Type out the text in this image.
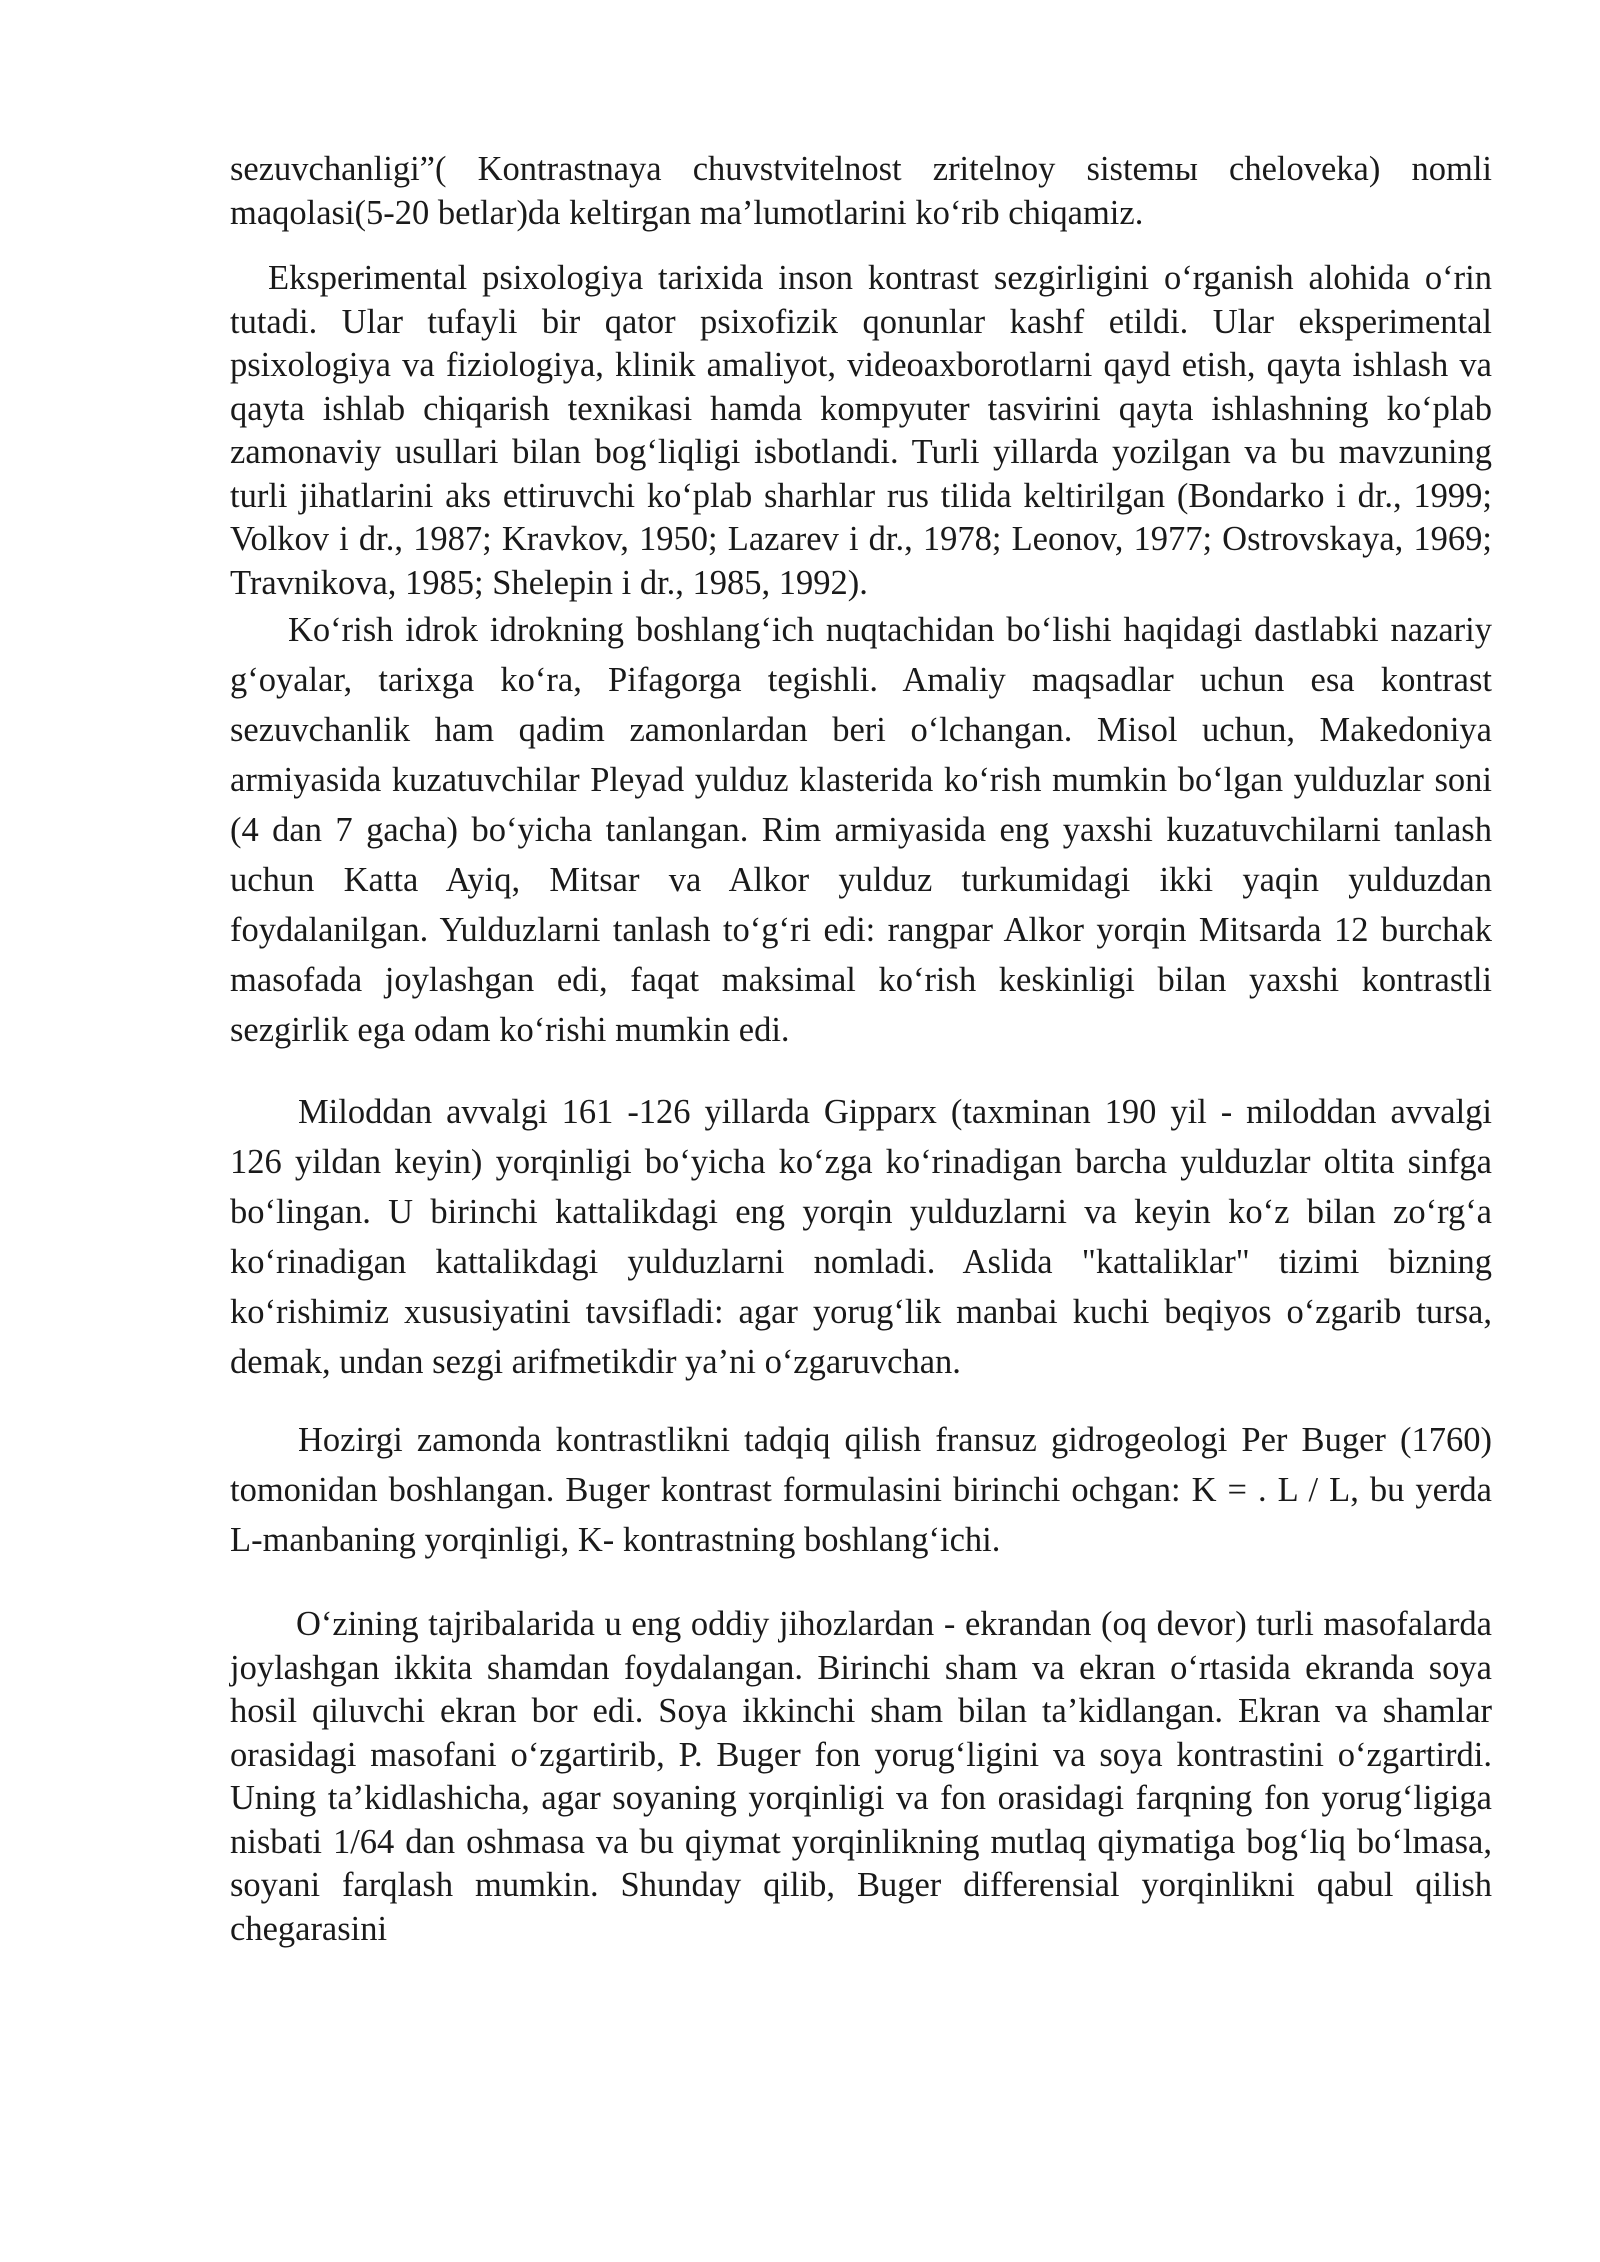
sezuvchanligi”( Kontrastnaya chuvstvitelnost zritelnoy sistemы cheloveka) nomli maqolasi(5-20 betlar)da keltirgan ma’lumotlarini ko‘rib chiqamiz.

Eksperimental psixologiya tarixida inson kontrast sezgirligini o‘rganish alohida o‘rin tutadi. Ular tufayli bir qator psixofizik qonunlar kashf etildi. Ular eksperimental psixologiya va fiziologiya, klinik amaliyot, videoaxborotlarni qayd etish, qayta ishlash va qayta ishlab chiqarish texnikasi hamda kompyuter tasvirini qayta ishlashning ko‘plab zamonaviy usullari bilan bog‘liqligi isbotlandi. Turli yillarda yozilgan va bu mavzuning turli jihatlarini aks ettiruvchi ko‘plab sharhlar rus tilida keltirilgan (Bondarko i dr., 1999; Volkov i dr., 1987; Kravkov, 1950; Lazarev i dr., 1978; Leonov, 1977; Ostrovskaya, 1969; Travnikova, 1985; Shelepin i dr., 1985, 1992).

Ko‘rish idrok idrokning boshlang‘ich nuqtachidan bo‘lishi haqidagi dastlabki nazariy g‘oyalar, tarixga ko‘ra, Pifagorga tegishli. Amaliy maqsadlar uchun esa kontrast sezuvchanlik ham qadim zamonlardan beri o‘lchangan. Misol uchun, Makedoniya armiyasida kuzatuvchilar Pleyad yulduz klasterida ko‘rish mumkin bo‘lgan yulduzlar soni (4 dan 7 gacha) bo‘yicha tanlangan. Rim armiyasida eng yaxshi kuzatuvchilarni tanlash uchun Katta Ayiq, Mitsar va Alkor yulduz turkumidagi ikki yaqin yulduzdan foydalanilgan. Yulduzlarni tanlash to‘g‘ri edi: rangpar Alkor yorqin Mitsarda 12 burchak masofada joylashgan edi, faqat maksimal ko‘rish keskinligi bilan yaxshi kontrastli sezgirlik ega odam ko‘rishi mumkin edi.

Miloddan avvalgi 161 -126 yillarda Gipparx (taxminan 190 yil - miloddan avvalgi 126 yildan keyin) yorqinligi bo‘yicha ko‘zga ko‘rinadigan barcha yulduzlar oltita sinfga bo‘lingan. U birinchi kattalikdagi eng yorqin yulduzlarni va keyin ko‘z bilan zo‘rg‘a ko‘rinadigan kattalikdagi yulduzlarni nomladi. Aslida "kattaliklar" tizimi bizning ko‘rishimiz xususiyatini tavsifladi: agar yorug‘lik manbai kuchi beqiyos o‘zgarib tursa, demak, undan sezgi arifmetikdir ya’ni o‘zgaruvchan.

Hozirgi zamonda kontrastlikni tadqiq qilish fransuz gidrogeologi Per Buger (1760) tomonidan boshlangan. Buger kontrast formulasini birinchi ochgan: K = . L / L, bu yerda L-manbaning yorqinligi, K- kontrastning boshlang‘ichi.

O‘zining tajribalarida u eng oddiy jihozlardan - ekrandan (oq devor) turli masofalarda joylashgan ikkita shamdan foydalangan. Birinchi sham va ekran o‘rtasida ekranda soya hosil qiluvchi ekran bor edi. Soya ikkinchi sham bilan ta’kidlangan. Ekran va shamlar orasidagi masofani o‘zgartirib, P. Buger fon yorug‘ligini va soya kontrastini o‘zgartirdi. Uning ta’kidlashicha, agar soyaning yorqinligi va fon orasidagi farqning fon yorug‘ligiga nisbati 1/64 dan oshmasa va bu qiymat yorqinlikning mutlaq qiymatiga bog‘liq bo‘lmasa, soyani farqlash mumkin. Shunday qilib, Buger differensial yorqinlikni qabul qilish chegarasini
